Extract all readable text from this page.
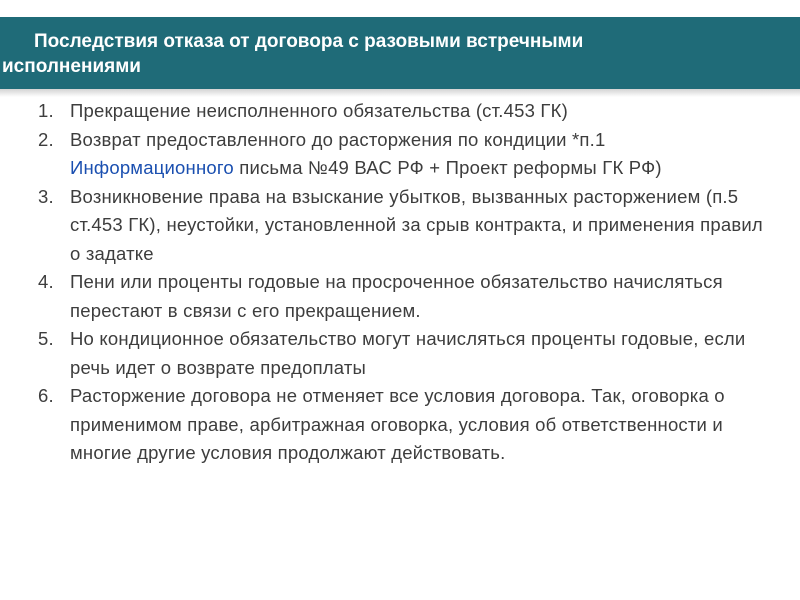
Последствия отказа от договора с разовыми встречными
исполнениями
1. Прекращение неисполненного обязательства (ст.453 ГК)
2. Возврат предоставленного до расторжения по кондиции *п.1 Информационного письма №49 ВАС РФ + Проект реформы ГК РФ)
3. Возникновение права на взыскание убытков, вызванных расторжением (п.5 ст.453 ГК), неустойки, установленной за срыв контракта, и применения правил о задатке
4. Пени или проценты годовые на просроченное обязательство начисляться перестают в связи с его прекращением.
5. Но кондиционное обязательство могут начисляться проценты годовые, если речь идет о возврате предоплаты
6. Расторжение договора не отменяет все условия договора. Так, оговорка о применимом праве, арбитражная оговорка, условия об ответственности и многие другие условия продолжают действовать.
